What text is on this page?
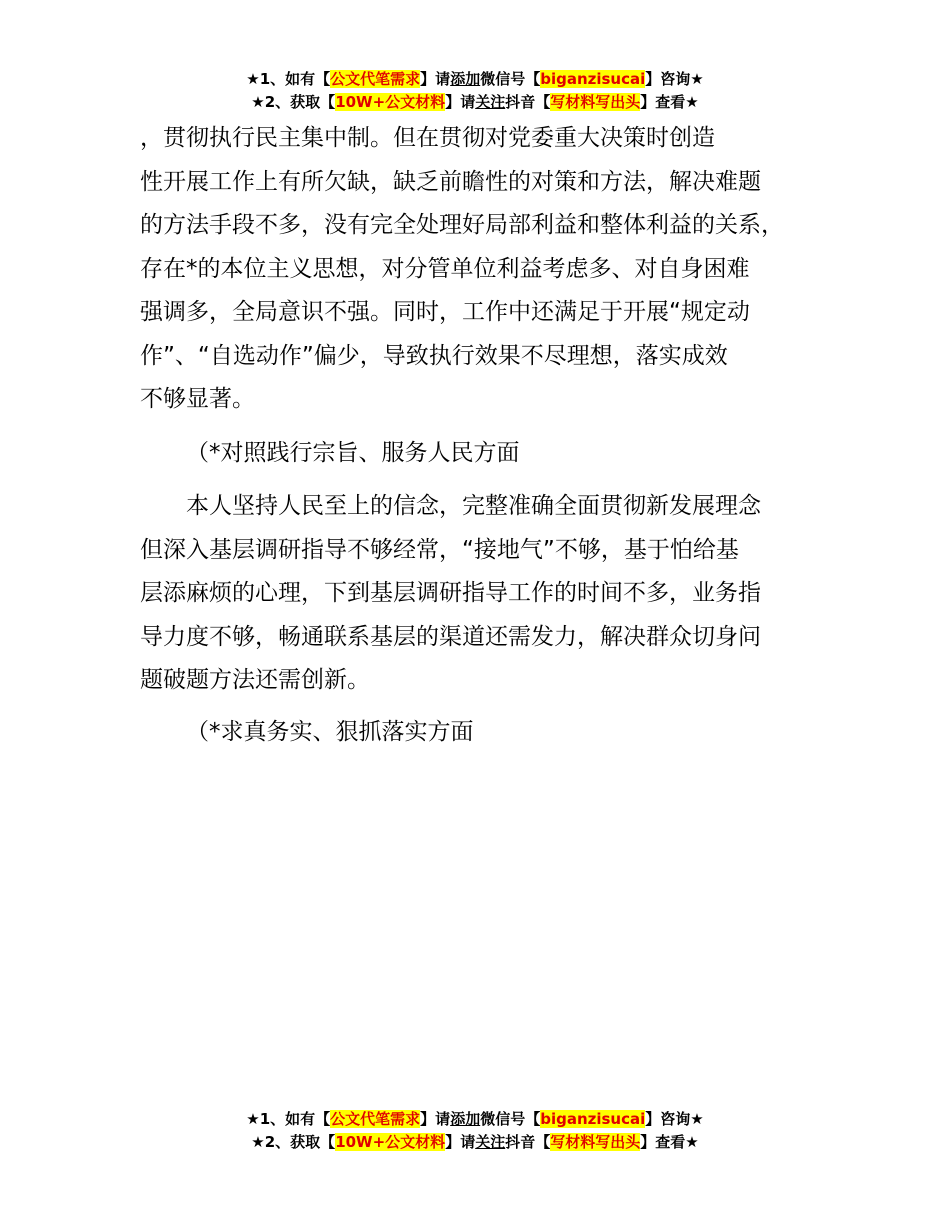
★1、如有【公文代笔需求】请添加微信号【biganzisucai】咨询★
★2、获取【10W+公文材料】请关注抖音【写材料写出头】查看★
，贯彻执行民主集中制。但在贯彻对党委重大决策时创造
性开展工作上有所欠缺，缺乏前瞻性的对策和方法，解决难题
的方法手段不多，没有完全处理好局部利益和整体利益的关系，
存在*的本位主义思想，对分管单位利益考虑多、对自身困难
强调多，全局意识不强。同时，工作中还满足于开展“规定动
作”、“自选动作”偏少，导致执行效果不尽理想，落实成效
不够显著。
（*对照践行宗旨、服务人民方面
本人坚持人民至上的信念，完整准确全面贯彻新发展理念
但深入基层调研指导不够经常，“接地气”不够，基于怕给基
层添麻烦的心理，下到基层调研指导工作的时间不多，业务指
导力度不够，畅通联系基层的渠道还需发力，解决群众切身问
题破题方法还需创新。
（*求真务实、狠抓落实方面
★1、如有【公文代笔需求】请添加微信号【biganzisucai】咨询★
★2、获取【10W+公文材料】请关注抖音【写材料写出头】查看★
